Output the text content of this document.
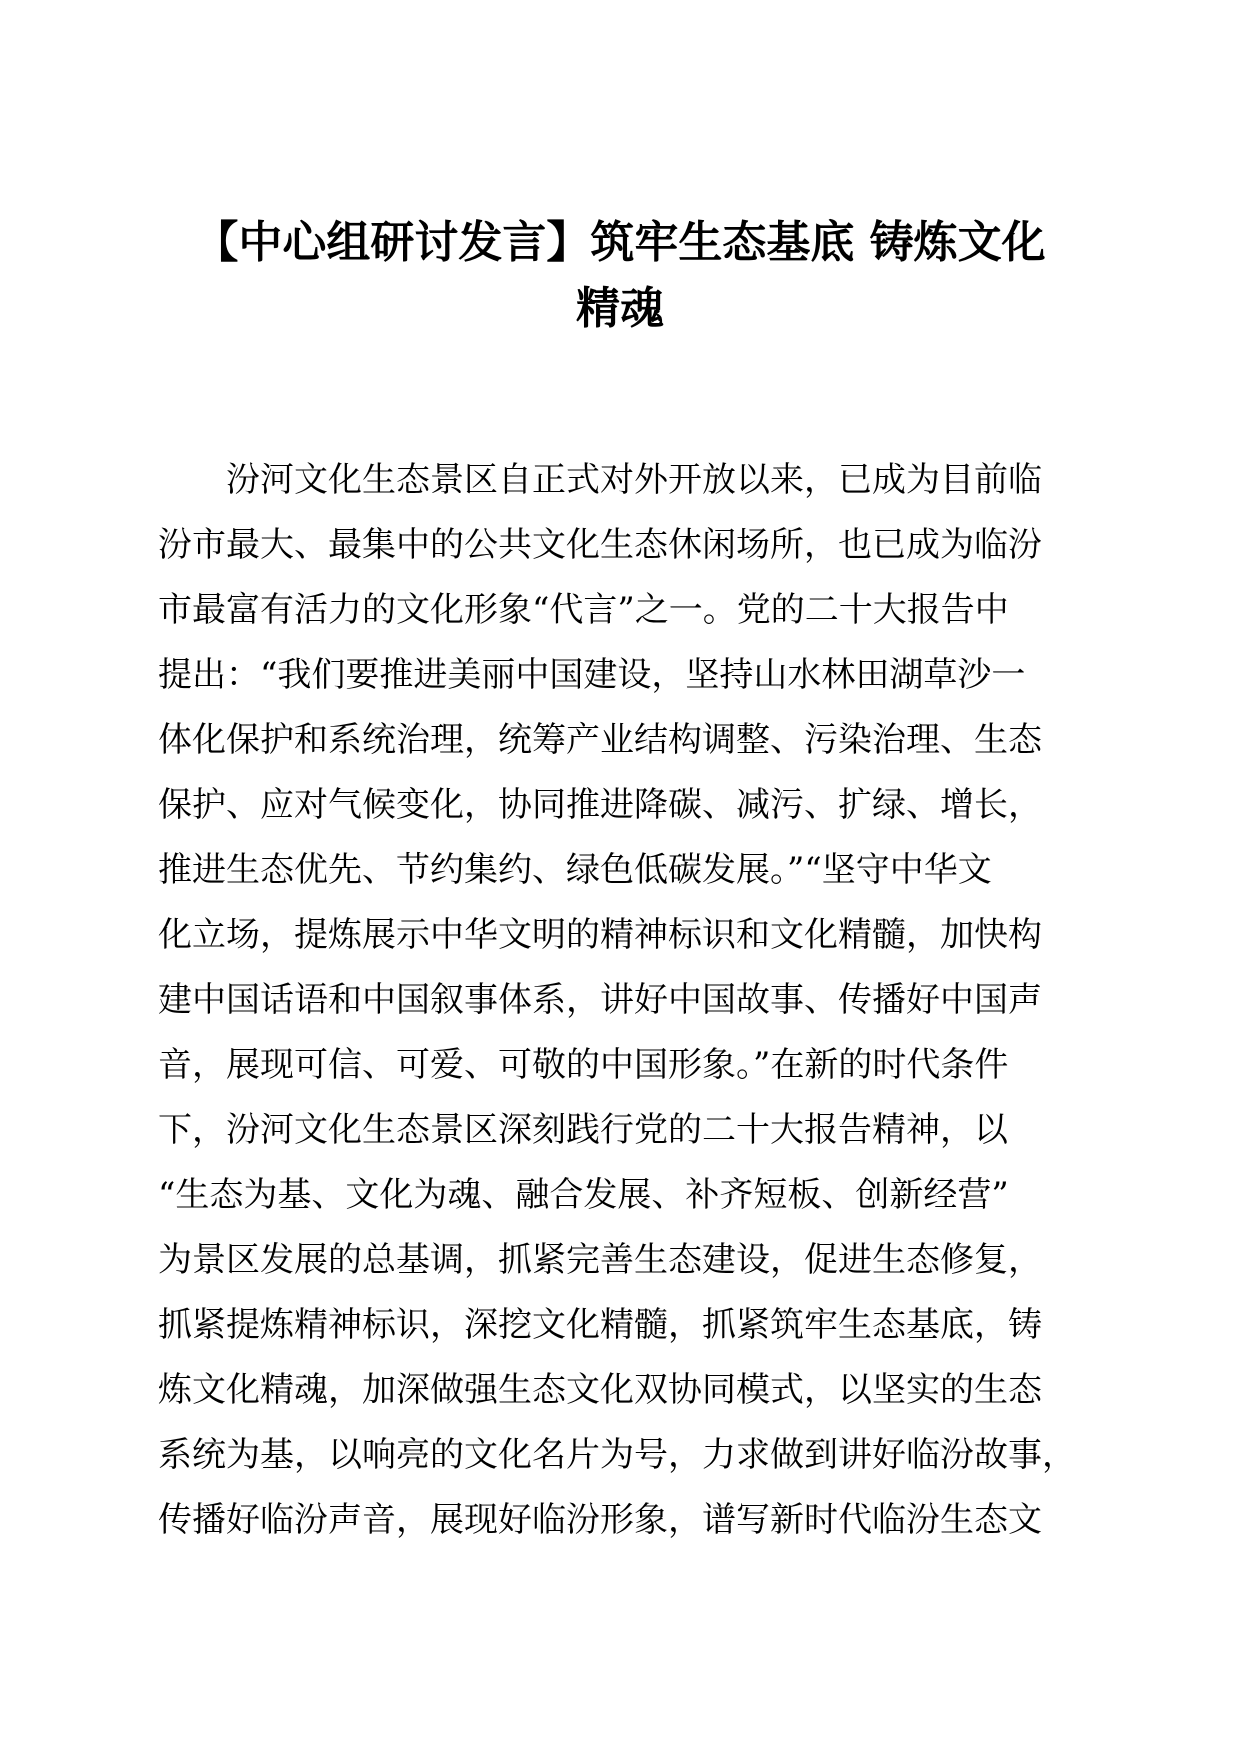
【中心组研讨发言】筑牢生态基底 铸炼文化
精魂
　　汾河文化生态景区自正式对外开放以来，已成为目前临
汾市最大、最集中的公共文化生态休闲场所，也已成为临汾
市最富有活力的文化形象“代言”之一。党的二十大报告中
提出：“我们要推进美丽中国建设，坚持山水林田湖草沙一
体化保护和系统治理，统筹产业结构调整、污染治理、生态
保护、应对气候变化，协同推进降碳、减污、扩绿、增长，
推进生态优先、节约集约、绿色低碳发展。”“坚守中华文
化立场，提炼展示中华文明的精神标识和文化精髓，加快构
建中国话语和中国叙事体系，讲好中国故事、传播好中国声
音，展现可信、可爱、可敬的中国形象。”在新的时代条件
下，汾河文化生态景区深刻践行党的二十大报告精神，以
“生态为基、文化为魂、融合发展、补齐短板、创新经营”
为景区发展的总基调，抓紧完善生态建设，促进生态修复，
抓紧提炼精神标识，深挖文化精髓，抓紧筑牢生态基底，铸
炼文化精魂，加深做强生态文化双协同模式，以坚实的生态
系统为基，以响亮的文化名片为号，力求做到讲好临汾故事，
传播好临汾声音，展现好临汾形象，谱写新时代临汾生态文
